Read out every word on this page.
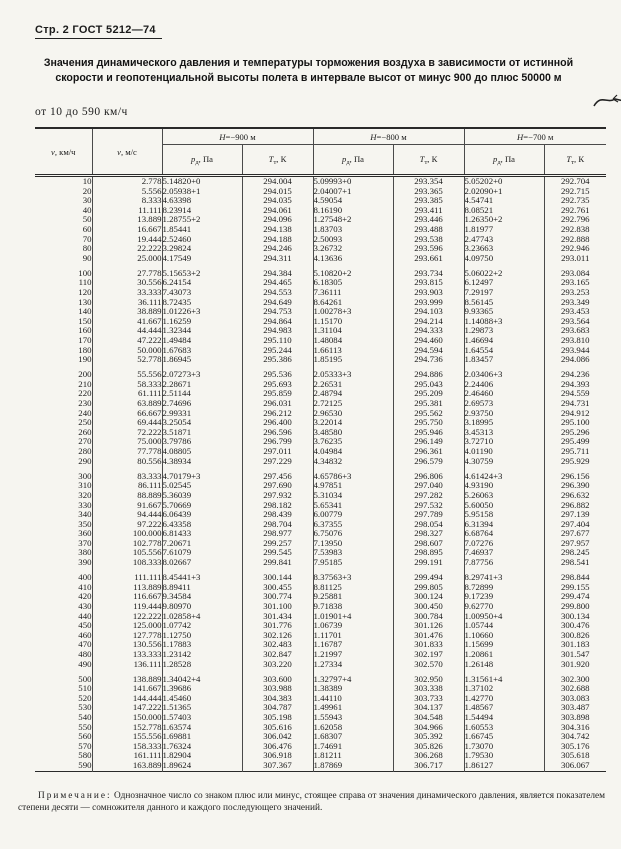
Стр. 2 ГОСТ 5212—74
Значения динамического давления и температуры торможения воздуха в зависимости от истинной
скорости и геопотенциальной высоты полета в интервале высот от минус 900 до плюс 50000 м
от 10 до 590 км/ч
v, км/ч	v, м/с	H=−900 м		H=−800 м		H=−700 м	
		$p_д$, Па	$T_т$, К	$p_д$, Па	$T_т$, К	$p_д$, Па	$T_т$, К
10	2.778	5.14820+0	294.004	5.09993+0	293.354	5.05202+0	292.704
20	5.556	2.05938+1	294.015	2.04007+1	293.365	2.02090+1	292.715
30	8.333	4.63398	294.035	4.59054	293.385	4.54741	292.735
40	11.111	8.23914	294.061	8.16190	293.411	8.08521	292.761
50	13.889	1.28755+2	294.096	1.27548+2	293.446	1.26350+2	292.796
60	16.667	1.85441	294.138	1.83703	293.488	1.81977	292.838
70	19.444	2.52460	294.188	2.50093	293.538	2.47743	292.888
80	22.222	3.29824	294.246	3.26732	293.596	3.23663	292.946
90	25.000	4.17549	294.311	4.13636	293.661	4.09750	293.011

100	27.778	5.15653+2	294.384	5.10820+2	293.734	5.06022+2	293.084
110	30.556	6.24154	294.465	6.18305	293.815	6.12497	293.165
120	33.333	7.43073	294.553	7.36111	293.903	7.29197	293.253
130	36.111	8.72435	294.649	8.64261	293.999	8.56145	293.349
140	38.889	1.01226+3	294.753	1.00278+3	294.103	9.93365	293.453
150	41.667	1.16259	294.864	1.15170	294.214	1.14088+3	293.564
160	44.444	1.32344	294.983	1.31104	294.333	1.29873	293.683
170	47.222	1.49484	295.110	1.48084	294.460	1.46694	293.810
180	50.000	1.67683	295.244	1.66113	294.594	1.64554	293.944
190	52.778	1.86945	295.386	1.85195	294.736	1.83457	294.086

200	55.556	2.07273+3	295.536	2.05333+3	294.886	2.03406+3	294.236
210	58.333	2.28671	295.693	2.26531	295.043	2.24406	294.393
220	61.111	2.51144	295.859	2.48794	295.209	2.46460	294.559
230	63.889	2.74696	296.031	2.72125	295.381	2.69573	294.731
240	66.667	2.99331	296.212	2.96530	295.562	2.93750	294.912
250	69.444	3.25054	296.400	3.22014	295.750	3.18995	295.100
260	72.222	3.51871	296.596	3.48580	295.946	3.45313	295.296
270	75.000	3.79786	296.799	3.76235	296.149	3.72710	295.499
280	77.778	4.08805	297.011	4.04984	296.361	4.01190	295.711
290	80.556	4.38934	297.229	4.34832	296.579	4.30759	295.929

300	83.333	4.70179+3	297.456	4.65786+3	296.806	4.61424+3	296.156
310	86.111	5.02545	297.690	4.97851	297.040	4.93190	296.390
320	88.889	5.36039	297.932	5.31034	297.282	5.26063	296.632
330	91.667	5.70669	298.182	5.65341	297.532	5.60050	296.882
340	94.444	6.06439	298.439	6.00779	297.789	5.95158	297.139
350	97.222	6.43358	298.704	6.37355	298.054	6.31394	297.404
360	100.000	6.81433	298.977	6.75076	298.327	6.68764	297.677
370	102.778	7.20671	299.257	7.13950	298.607	7.07276	297.957
380	105.556	7.61079	299.545	7.53983	298.895	7.46937	298.245
390	108.333	8.02667	299.841	7.95185	299.191	7.87756	298.541

400	111.111	8.45441+3	300.144	8.37563+3	299.494	8.29741+3	298.844
410	113.889	8.89411	300.455	8.81125	299.805	8.72899	299.155
420	116.667	9.34584	300.774	9.25881	300.124	9.17239	299.474
430	119.444	9.80970	301.100	9.71838	300.450	9.62770	299.800
440	122.222	1.02858+4	301.434	1.01901+4	300.784	1.00950+4	300.134
450	125.000	1.07742	301.776	1.06739	301.126	1.05744	300.476
460	127.778	1.12750	302.126	1.11701	301.476	1.10660	300.826
470	130.556	1.17883	302.483	1.16787	301.833	1.15699	301.183
480	133.333	1.23142	302.847	1.21997	302.197	1.20861	301.547
490	136.111	1.28528	303.220	1.27334	302.570	1.26148	301.920

500	138.889	1.34042+4	303.600	1.32797+4	302.950	1.31561+4	302.300
510	141.667	1.39686	303.988	1.38389	303.338	1.37102	302.688
520	144.444	1.45460	304.383	1.44110	303.733	1.42770	303.083
530	147.222	1.51365	304.787	1.49961	304.137	1.48567	303.487
540	150.000	1.57403	305.198	1.55943	304.548	1.54494	303.898
550	152.778	1.63574	305.616	1.62058	304.966	1.60553	304.316
560	155.556	1.69881	306.042	1.68307	305.392	1.66745	304.742
570	158.333	1.76324	306.476	1.74691	305.826	1.73070	305.176
580	161.111	1.82904	306.918	1.81211	306.268	1.79530	305.618
590	163.889	1.89624	307.367	1.87869	306.717	1.86127	306.067
Примечание: Однозначное число со знаком плюс или минус, стоящее справа от значения динамического давления, является показателем степени десяти — сомножителя данного и каждого последующего значений.
